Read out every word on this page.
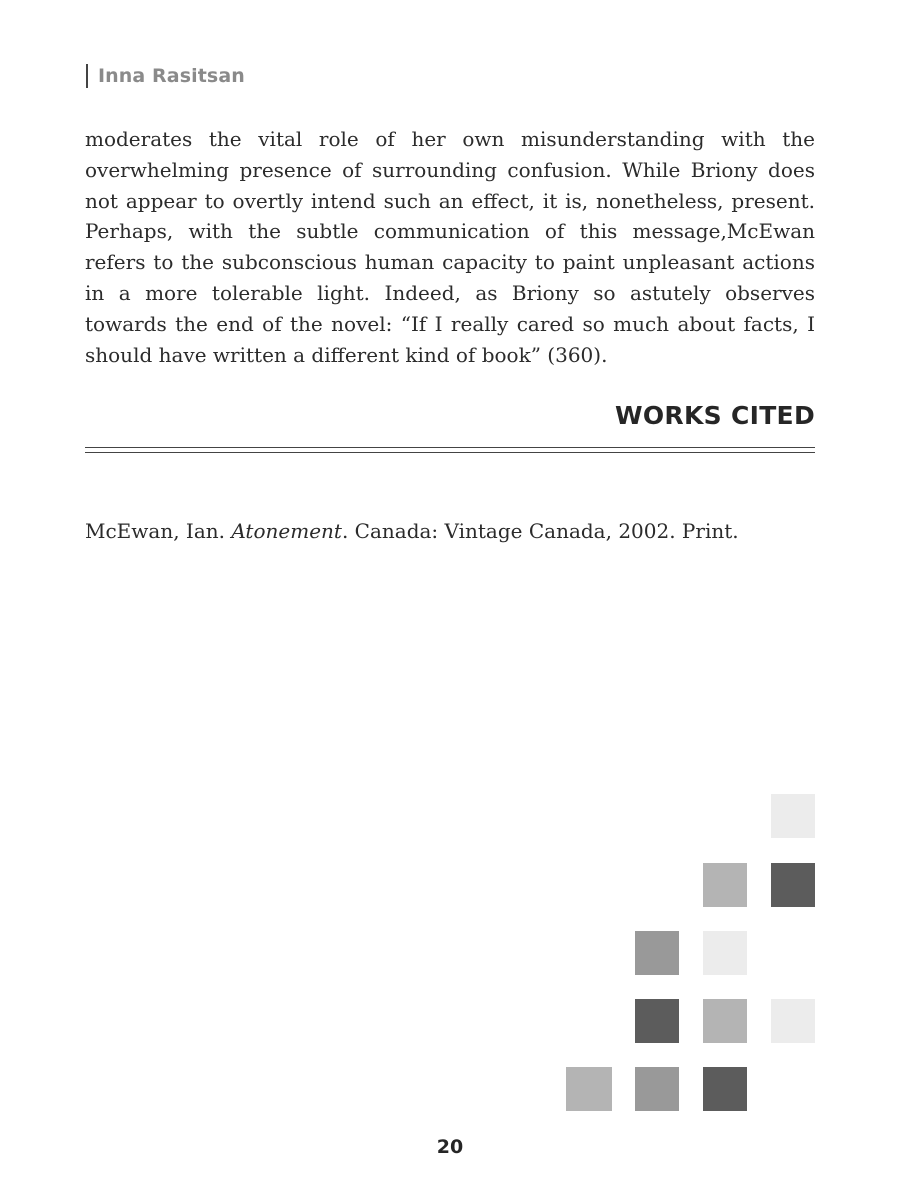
Inna Rasitsan

moderates the vital role of her own misunderstanding with the overwhelming presence of surrounding confusion. While Briony does not appear to overtly intend such an effect, it is, nonetheless, present. Perhaps, with the subtle communication of this message,McEwan refers to the subconscious human capacity to paint unpleasant actions in a more tolerable light. Indeed, as Briony so astutely observes towards the end of the novel: “If I really cared so much about facts, I should have written a different kind of book” (360).

WORKS CITED
McEwan, Ian. Atonement. Canada: Vintage Canada, 2002. Print.
20
